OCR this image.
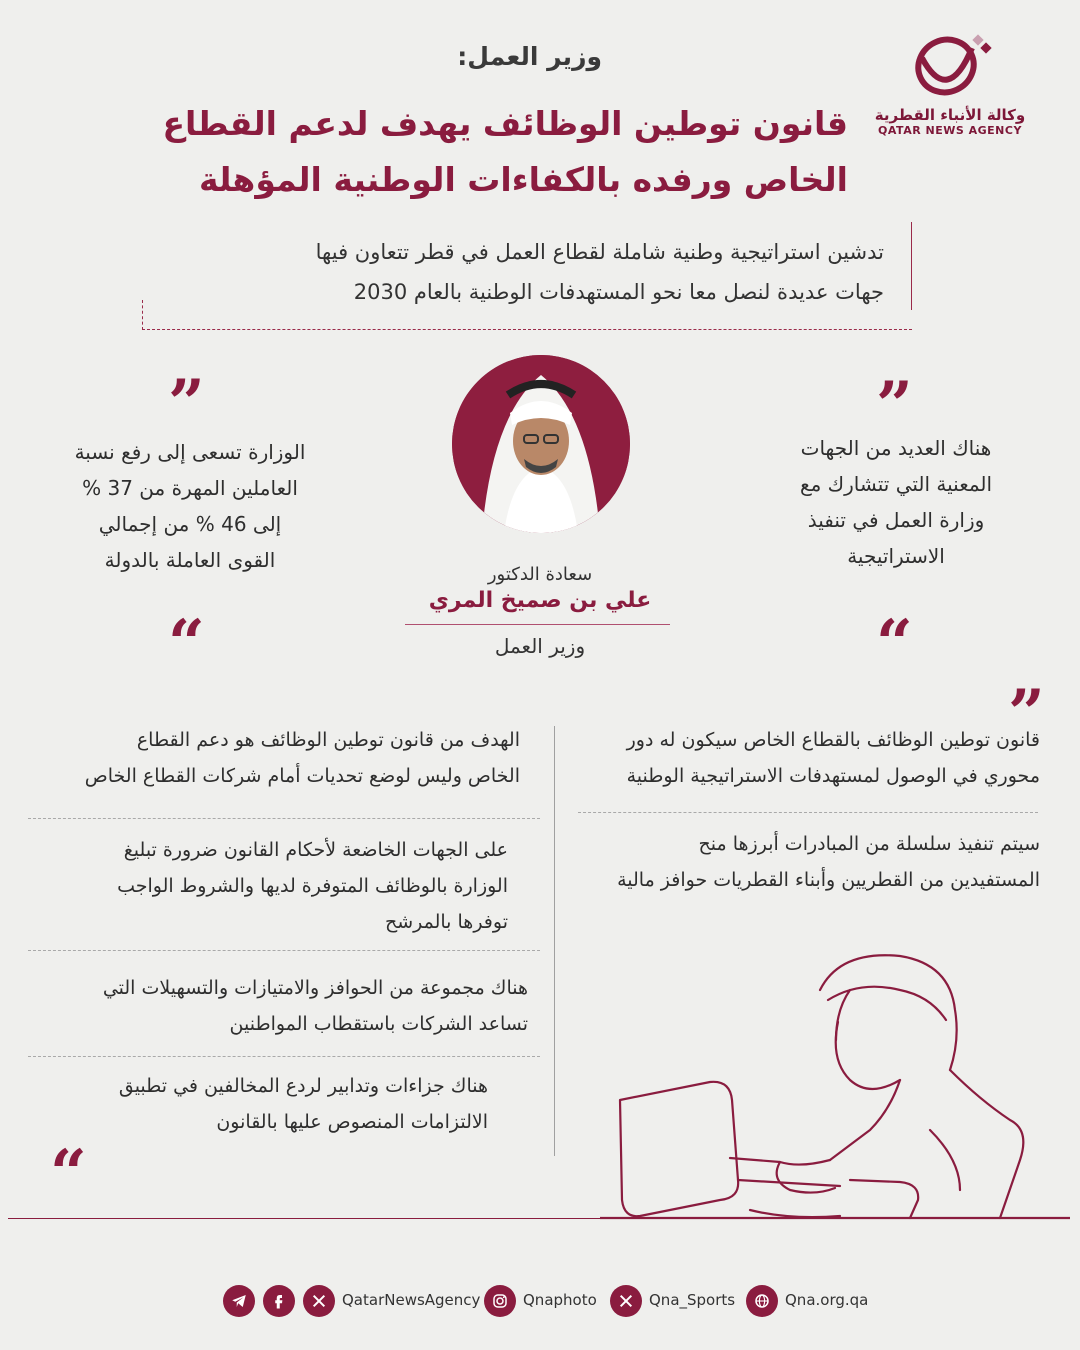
وكالة الأنباء القطرية
QATAR NEWS AGENCY
وزير العمل:
قانون توطين الوظائف يهدف لدعم القطاع
الخاص ورفده بالكفاءات الوطنية المؤهلة
تدشين استراتيجية وطنية شاملة لقطاع العمل في قطر تتعاون فيها
جهات عديدة لنصل معا نحو المستهدفات الوطنية بالعام 2030
سعادة الدكتور
علي بن صميخ المري
وزير العمل
”	”
“	“
”
“
الوزارة تسعى إلى رفع نسبة
العاملين المهرة من 37 %
إلى 46 % من إجمالي
القوى العاملة بالدولة
هناك العديد من الجهات
المعنية التي تتشارك مع
وزارة العمل في تنفيذ
الاستراتيجية
قانون توطين الوظائف بالقطاع الخاص سيكون له دور
محوري في الوصول لمستهدفات الاستراتيجية الوطنية
سيتم تنفيذ سلسلة من المبادرات أبرزها منح
المستفيدين من القطريين وأبناء القطريات حوافز مالية
الهدف من قانون توطين الوظائف هو دعم القطاع
الخاص وليس لوضع تحديات أمام شركات القطاع الخاص
على الجهات الخاضعة لأحكام القانون ضرورة تبليغ
الوزارة بالوظائف المتوفرة لديها والشروط الواجب
توفرها بالمرشح
هناك مجموعة من الحوافز والامتيازات والتسهيلات التي
تساعد الشركات باستقطاب المواطنين
هناك جزاءات وتدابير لردع المخالفين في تطبيق
الالتزامات المنصوص عليها بالقانون
QatarNewsAgency	Qnaphoto	Qna_Sports	Qna.org.qa
